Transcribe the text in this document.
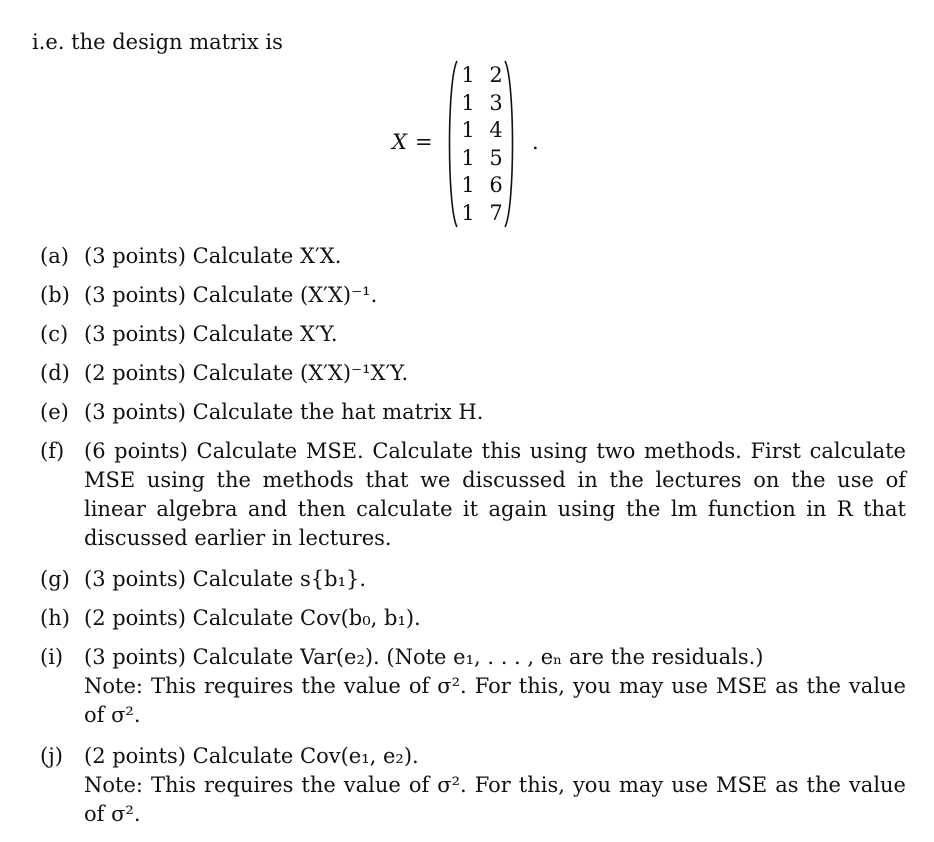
i.e. the design matrix is
X =
1 2
1 3
1 4
1 5
1 6
1 7
.
(a) (3 points) Calculate X′X.
(b) (3 points) Calculate (X′X)⁻¹.
(c) (3 points) Calculate X′Y.
(d) (2 points) Calculate (X′X)⁻¹X′Y.
(e) (3 points) Calculate the hat matrix H.
(f) (6 points) Calculate MSE. Calculate this using two methods. First calculate MSE using the methods that we discussed in the lectures on the use of linear algebra and then calculate it again using the lm function in R that discussed earlier in lectures.
(g) (3 points) Calculate s{b₁}.
(h) (2 points) Calculate Cov(b₀, b₁).
(i) (3 points) Calculate Var(e₂). (Note e₁, . . . , eₙ are the residuals.)
Note: This requires the value of σ². For this, you may use MSE as the value of σ².
(j)	(2 points) Calculate Cov(e₁, e₂).
Note: This requires the value of σ². For this, you may use MSE as the value of σ².
